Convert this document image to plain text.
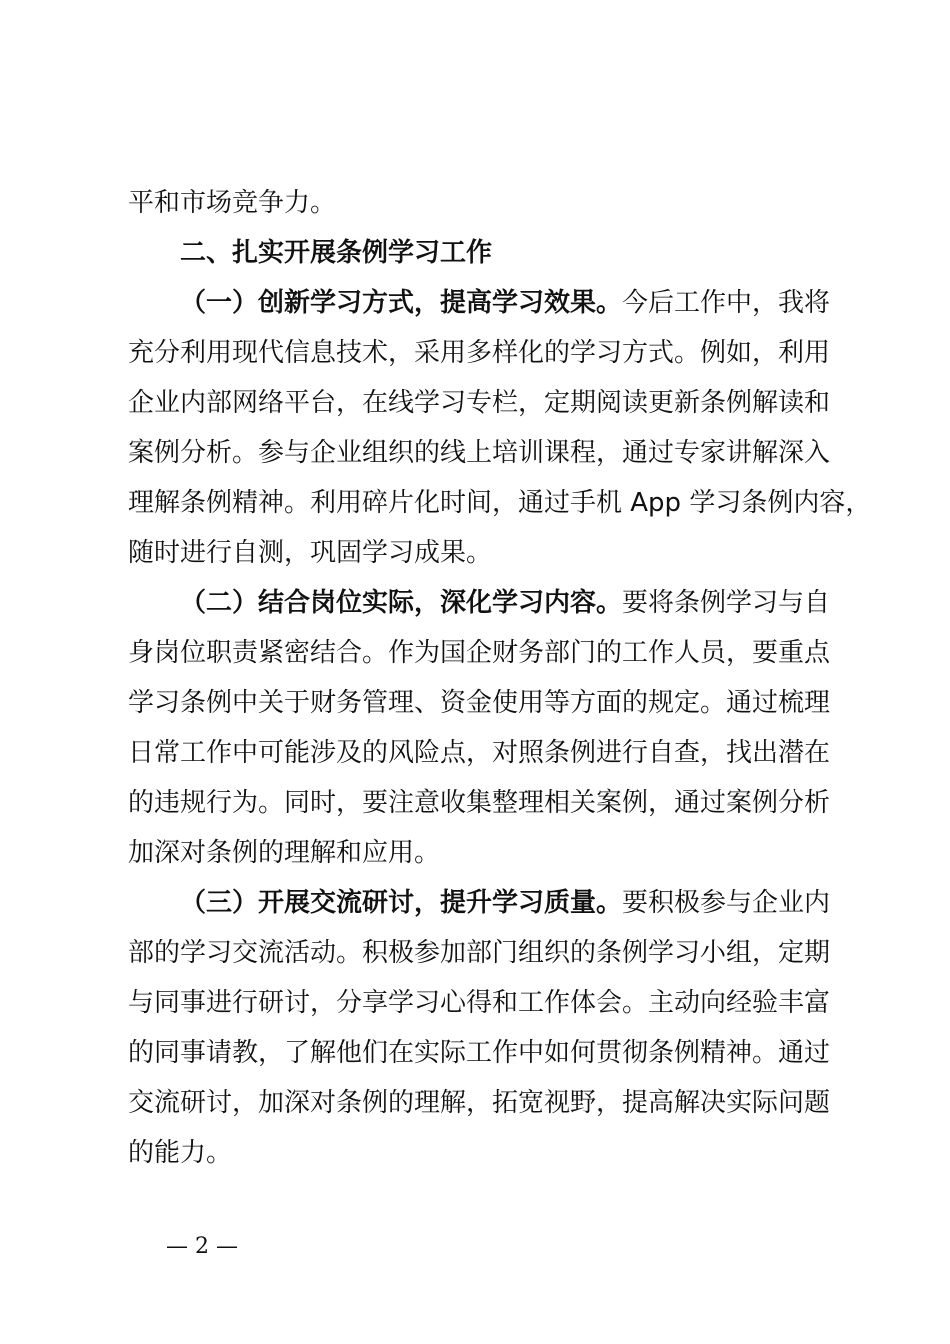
平和市场竞争力。
二、扎实开展条例学习工作
（一）创新学习方式，提高学习效果。今后工作中，我将
充分利用现代信息技术，采用多样化的学习方式。例如，利用
企业内部网络平台，在线学习专栏，定期阅读更新条例解读和
案例分析。参与企业组织的线上培训课程，通过专家讲解深入
理解条例精神。利用碎片化时间，通过手机 App 学习条例内容，
随时进行自测，巩固学习成果。
（二）结合岗位实际，深化学习内容。要将条例学习与自
身岗位职责紧密结合。作为国企财务部门的工作人员，要重点
学习条例中关于财务管理、资金使用等方面的规定。通过梳理
日常工作中可能涉及的风险点，对照条例进行自查，找出潜在
的违规行为。同时，要注意收集整理相关案例，通过案例分析
加深对条例的理解和应用。
（三）开展交流研讨，提升学习质量。要积极参与企业内
部的学习交流活动。积极参加部门组织的条例学习小组，定期
与同事进行研讨，分享学习心得和工作体会。主动向经验丰富
的同事请教，了解他们在实际工作中如何贯彻条例精神。通过
交流研讨，加深对条例的理解，拓宽视野，提高解决实际问题
的能力。
— 2 —
